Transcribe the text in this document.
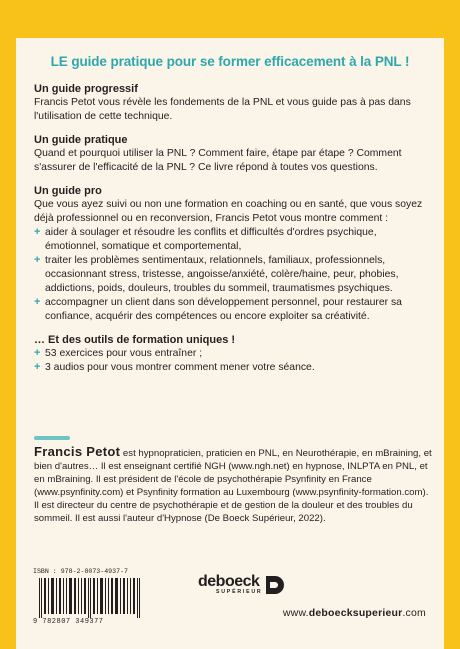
LE guide pratique pour se former efficacement à la PNL !

Un guide progressif

Francis Petot vous révèle les fondements de la PNL et vous guide pas à pas dans l'utilisation de cette technique.

Un guide pratique

Quand et pourquoi utiliser la PNL ? Comment faire, étape par étape ? Comment s'assurer de l'efficacité de la PNL ? Ce livre répond à toutes vos questions.

Un guide pro

Que vous ayez suivi ou non une formation en coaching ou en santé, que vous soyez déjà professionnel ou en reconversion, Francis Petot vous montre comment :

+ aider à soulager et résoudre les conflits et difficultés d'ordres psychique, émotionnel, somatique et comportemental,
+ traiter les problèmes sentimentaux, relationnels, familiaux, professionnels, occasionnant stress, tristesse, angoisse/anxiété, colère/haine, peur, phobies, addictions, poids, douleurs, troubles du sommeil, traumatismes psychiques.
+ accompagner un client dans son développement personnel, pour restaurer sa confiance, acquérir des compétences ou encore exploiter sa créativité.

… Et des outils de formation uniques !

+ 53 exercices pour vous entraîner ;
+ 3 audios pour vous montrer comment mener votre séance.
Francis Petot est hypnopraticien, praticien en PNL, en Neurothérapie, en mBraining, et bien d'autres… Il est enseignant certifié NGH (www.ngh.net) en hypnose, INLPTA en PNL, et en mBraining. Il est président de l'école de psychothérapie Psynfinity en France (www.psynfinity.com) et Psynfinity formation au Luxembourg (www.psynfinity-formation.com). Il est directeur du centre de psychothérapie et de gestion de la douleur et des troubles du sommeil. Il est aussi l'auteur d'Hypnose (De Boeck Supérieur, 2022).
ISBN : 978-2-8073-4937-7
9 782807 349377
deboeck
SUPÉRIEUR
www.deboecksuperieur.com
